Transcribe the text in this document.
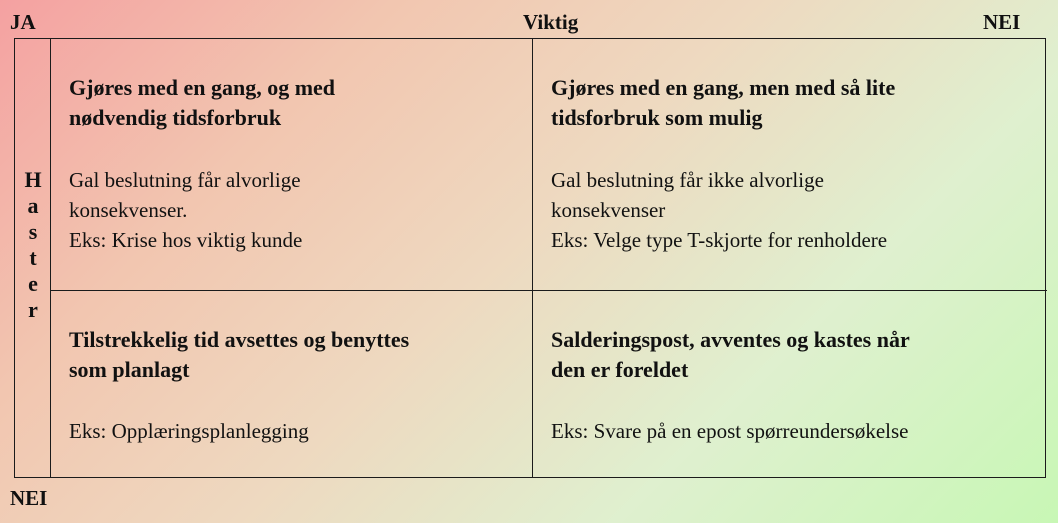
JA	Viktig	NEI
H
a
s
t
e
r
Gjøres med en gang, og med
nødvendig tidsforbruk
Gal beslutning får alvorlige
konsekvenser.
Eks: Krise hos viktig kunde
Gjøres med en gang, men med så lite
tidsforbruk som mulig
Gal beslutning får ikke alvorlige
konsekvenser
Eks: Velge type T-skjorte for renholdere
Tilstrekkelig tid avsettes og benyttes
som planlagt
Eks: Opplæringsplanlegging
Salderingspost, avventes og kastes når
den er foreldet
Eks: Svare på en epost spørreundersøkelse
NEI
